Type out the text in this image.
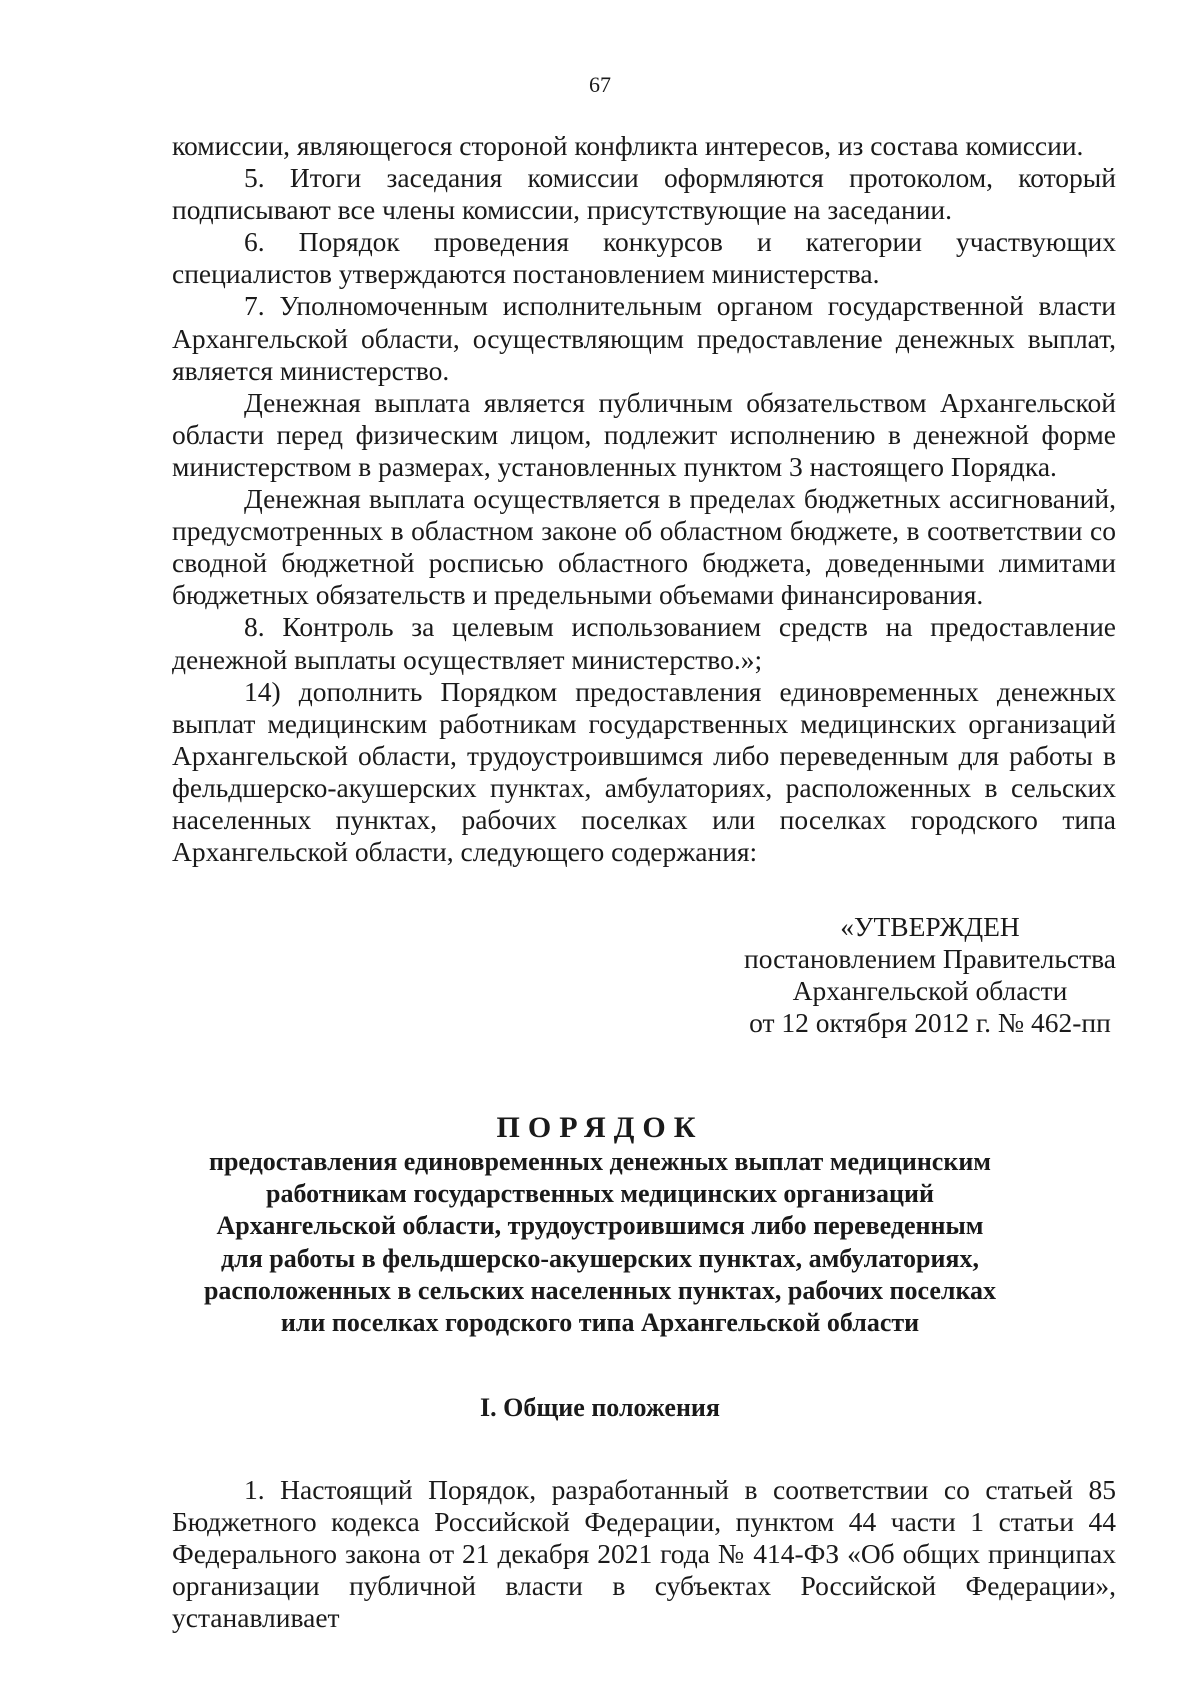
67

комиссии, являющегося стороной конфликта интересов, из состава комиссии.

5. Итоги заседания комиссии оформляются протоколом, который подписывают все члены комиссии, присутствующие на заседании.

6. Порядок проведения конкурсов и категории участвующих специалистов утверждаются постановлением министерства.

7. Уполномоченным исполнительным органом государственной власти Архангельской области, осуществляющим предоставление денежных выплат, является министерство.

Денежная выплата является публичным обязательством Архангельской области перед физическим лицом, подлежит исполнению в денежной форме министерством в размерах, установленных пунктом 3 настоящего Порядка.

Денежная выплата осуществляется в пределах бюджетных ассигнований, предусмотренных в областном законе об областном бюджете, в соответствии со сводной бюджетной росписью областного бюджета, доведенными лимитами бюджетных обязательств и предельными объемами финансирования.

8. Контроль за целевым использованием средств на предоставление денежной выплаты осуществляет министерство.»;

14) дополнить Порядком предоставления единовременных денежных выплат медицинским работникам государственных медицинских организаций Архангельской области, трудоустроившимся либо переведенным для работы в фельдшерско-акушерских пунктах, амбулаториях, расположенных в сельских населенных пунктах, рабочих поселках или поселках городского типа Архангельской области, следующего содержания:

«УТВЕРЖДЕН
постановлением Правительства
Архангельской области
от 12 октября 2012 г. № 462-пп
ПОРЯДОК
предоставления единовременных денежных выплат медицинским
работникам государственных медицинских организаций
Архангельской области, трудоустроившимся либо переведенным
для работы в фельдшерско-акушерских пунктах, амбулаториях,
расположенных в сельских населенных пунктах, рабочих поселках
или поселках городского типа Архангельской области
I. Общие положения

1. Настоящий Порядок, разработанный в соответствии со статьей 85 Бюджетного кодекса Российской Федерации, пунктом 44 части 1 статьи 44 Федерального закона от 21 декабря 2021 года № 414-ФЗ «Об общих принципах организации публичной власти в субъектах Российской Федерации», устанавливает
